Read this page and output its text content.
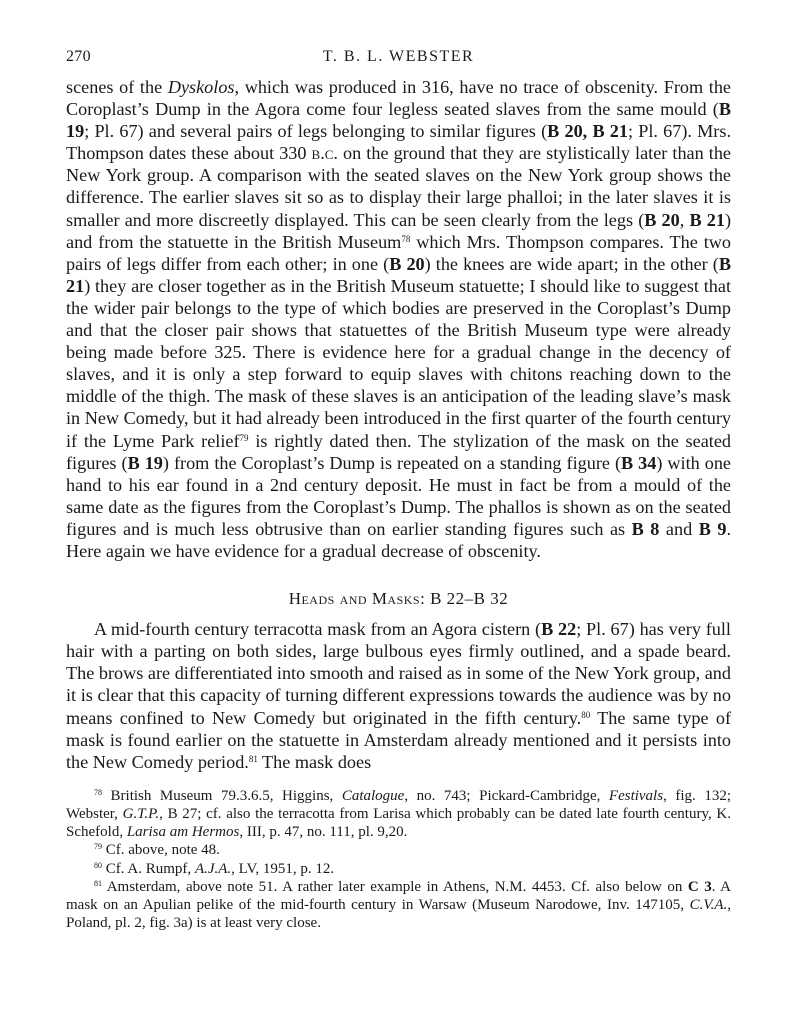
270	T. B. L. WEBSTER

scenes of the Dyskolos, which was produced in 316, have no trace of obscenity. From the Coroplast’s Dump in the Agora come four legless seated slaves from the same mould (B 19; Pl. 67) and several pairs of legs belonging to similar figures (B 20, B 21; Pl. 67). Mrs. Thompson dates these about 330 b.c. on the ground that they are stylistically later than the New York group. A comparison with the seated slaves on the New York group shows the difference. The earlier slaves sit so as to display their large phalloi; in the later slaves it is smaller and more discreetly displayed. This can be seen clearly from the legs (B 20, B 21) and from the statuette in the British Museum$^{78}$ which Mrs. Thompson compares. The two pairs of legs differ from each other; in one (B 20) the knees are wide apart; in the other (B 21) they are closer together as in the British Museum statuette; I should like to suggest that the wider pair belongs to the type of which bodies are preserved in the Coroplast’s Dump and that the closer pair shows that statuettes of the British Museum type were already being made before 325. There is evidence here for a gradual change in the decency of slaves, and it is only a step forward to equip slaves with chitons reaching down to the middle of the thigh. The mask of these slaves is an anticipation of the leading slave’s mask in New Comedy, but it had already been introduced in the first quarter of the fourth century if the Lyme Park relief$^{79}$ is rightly dated then. The stylization of the mask on the seated figures (B 19) from the Coroplast’s Dump is repeated on a standing figure (B 34) with one hand to his ear found in a 2nd century deposit. He must in fact be from a mould of the same date as the figures from the Coroplast’s Dump. The phallos is shown as on the seated figures and is much less obtrusive than on earlier standing figures such as B 8 and B 9. Here again we have evidence for a gradual decrease of obscenity.

Heads and Masks: B 22–B 32

A mid-fourth century terracotta mask from an Agora cistern (B 22; Pl. 67) has very full hair with a parting on both sides, large bulbous eyes firmly outlined, and a spade beard. The brows are differentiated into smooth and raised as in some of the New York group, and it is clear that this capacity of turning different expressions towards the audience was by no means confined to New Comedy but originated in the fifth century.$^{80}$ The same type of mask is found earlier on the statuette in Amsterdam already mentioned and it persists into the New Comedy period.$^{81}$ The mask does

$^{78}$ British Museum 79.3.6.5, Higgins, Catalogue, no. 743; Pickard-Cambridge, Festivals, fig. 132; Webster, G.T.P., B 27; cf. also the terracotta from Larisa which probably can be dated late fourth century, K. Schefold, Larisa am Hermos, III, p. 47, no. 111, pl. 9,20.

$^{79}$ Cf. above, note 48.

$^{80}$ Cf. A. Rumpf, A.J.A., LV, 1951, p. 12.

$^{81}$ Amsterdam, above note 51. A rather later example in Athens, N.M. 4453. Cf. also below on C 3. A mask on an Apulian pelike of the mid-fourth century in Warsaw (Museum Narodowe, Inv. 147105, C.V.A., Poland, pl. 2, fig. 3a) is at least very close.
